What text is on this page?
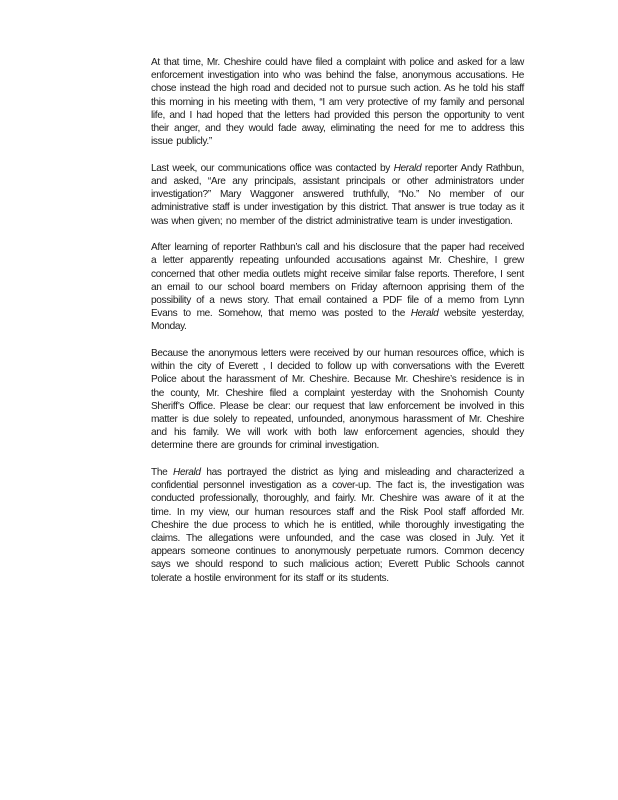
At that time, Mr. Cheshire could have filed a complaint with police and asked for a law enforcement investigation into who was behind the false, anonymous accusations. He chose instead the high road and decided not to pursue such action. As he told his staff this morning in his meeting with them, “I am very protective of my family and personal life, and I had hoped that the letters had provided this person the opportunity to vent their anger, and they would fade away, eliminating the need for me to address this issue publicly.”

Last week, our communications office was contacted by Herald reporter Andy Rathbun, and asked, “Are any principals, assistant principals or other administrators under investigation?” Mary Waggoner answered truthfully, “No.” No member of our administrative staff is under investigation by this district. That answer is true today as it was when given; no member of the district administrative team is under investigation.

After learning of reporter Rathbun’s call and his disclosure that the paper had received a letter apparently repeating unfounded accusations against Mr. Cheshire, I grew concerned that other media outlets might receive similar false reports. Therefore, I sent an email to our school board members on Friday afternoon apprising them of the possibility of a news story. That email contained a PDF file of a memo from Lynn Evans to me. Somehow, that memo was posted to the Herald website yesterday, Monday.

Because the anonymous letters were received by our human resources office, which is within the city of Everett , I decided to follow up with conversations with the Everett Police about the harassment of Mr. Cheshire. Because Mr. Cheshire’s residence is in the county, Mr. Cheshire filed a complaint yesterday with the Snohomish County Sheriff’s Office. Please be clear: our request that law enforcement be involved in this matter is due solely to repeated, unfounded, anonymous harassment of Mr. Cheshire and his family. We will work with both law enforcement agencies, should they determine there are grounds for criminal investigation.

The Herald has portrayed the district as lying and misleading and characterized a confidential personnel investigation as a cover-up. The fact is, the investigation was conducted professionally, thoroughly, and fairly. Mr. Cheshire was aware of it at the time. In my view, our human resources staff and the Risk Pool staff afforded Mr. Cheshire the due process to which he is entitled, while thoroughly investigating the claims. The allegations were unfounded, and the case was closed in July. Yet it appears someone continues to anonymously perpetuate rumors. Common decency says we should respond to such malicious action; Everett Public Schools cannot tolerate a hostile environment for its staff or its students.
